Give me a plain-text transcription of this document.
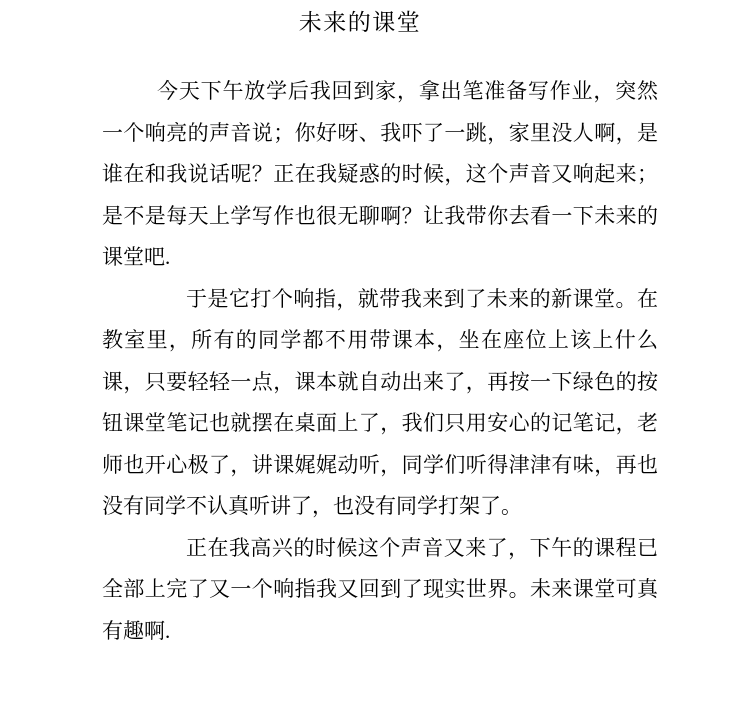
未来的课堂

今天下午放学后我回到家，拿出笔准备写作业，突然一个响亮的声音说；你好呀、我吓了一跳，家里没人啊，是谁在和我说话呢？正在我疑惑的时候，这个声音又响起来；是不是每天上学写作也很无聊啊？让我带你去看一下未来的课堂吧.

于是它打个响指，就带我来到了未来的新课堂。在教室里，所有的同学都不用带课本，坐在座位上该上什么课，只要轻轻一点，课本就自动出来了，再按一下绿色的按钮课堂笔记也就摆在桌面上了，我们只用安心的记笔记，老师也开心极了，讲课娓娓动听，同学们听得津津有味，再也没有同学不认真听讲了，也没有同学打架了。

正在我高兴的时候这个声音又来了，下午的课程已全部上完了又一个响指我又回到了现实世界。未来课堂可真有趣啊.
